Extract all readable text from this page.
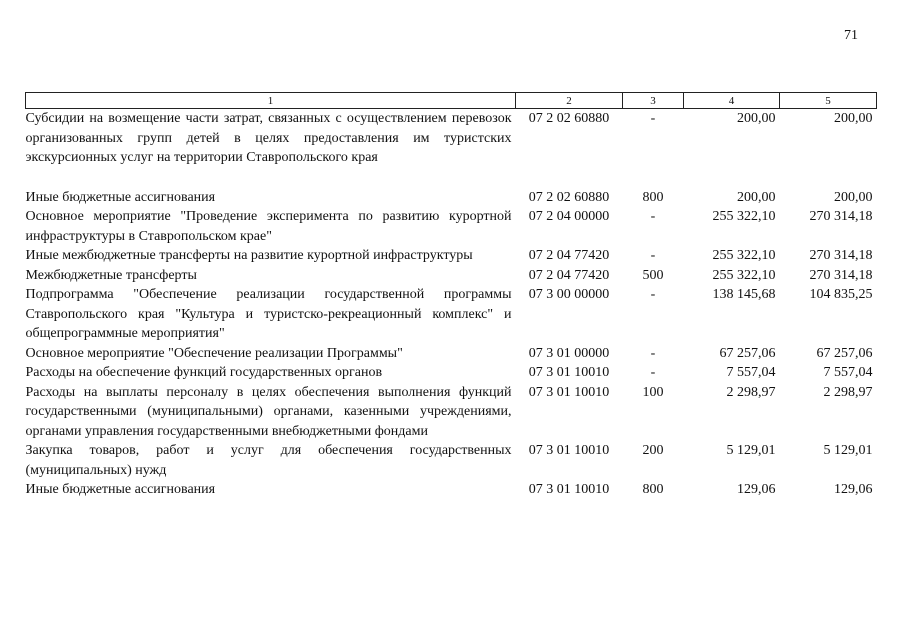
71
1	2	3	4	5
Субсидии на возмещение части затрат, связанных с осуществлением перевозок организованных групп детей в целях предоставления им туристских экскурсионных услуг на территории Ставропольского края	07 2 02 60880	-	200,00	200,00

Иные бюджетные ассигнования	07 2 02 60880	800	200,00	200,00
Основное мероприятие "Проведение эксперимента по развитию курортной инфраструктуры в Ставропольском крае"	07 2 04 00000	-	255 322,10	270 314,18
Иные межбюджетные трансферты на развитие курортной инфраструктуры	07 2 04 77420	-	255 322,10	270 314,18
Межбюджетные трансферты	07 2 04 77420	500	255 322,10	270 314,18
Подпрограмма "Обеспечение реализации государственной программы Ставропольского края "Культура и туристско-рекреационный комплекс" и общепрограммные мероприятия"	07 3 00 00000	-	138 145,68	104 835,25
Основное мероприятие "Обеспечение реализации Программы"	07 3 01 00000	-	67 257,06	67 257,06
Расходы на обеспечение функций государственных органов	07 3 01 10010	-	7 557,04	7 557,04
Расходы на выплаты персоналу в целях обеспечения выполнения функций государственными (муниципальными) органами, казенными учреждениями, органами управления государственными внебюджетными фондами	07 3 01 10010	100	2 298,97	2 298,97
Закупка товаров, работ и услуг для обеспечения государственных (муниципальных) нужд	07 3 01 10010	200	5 129,01	5 129,01
Иные бюджетные ассигнования	07 3 01 10010	800	129,06	129,06
